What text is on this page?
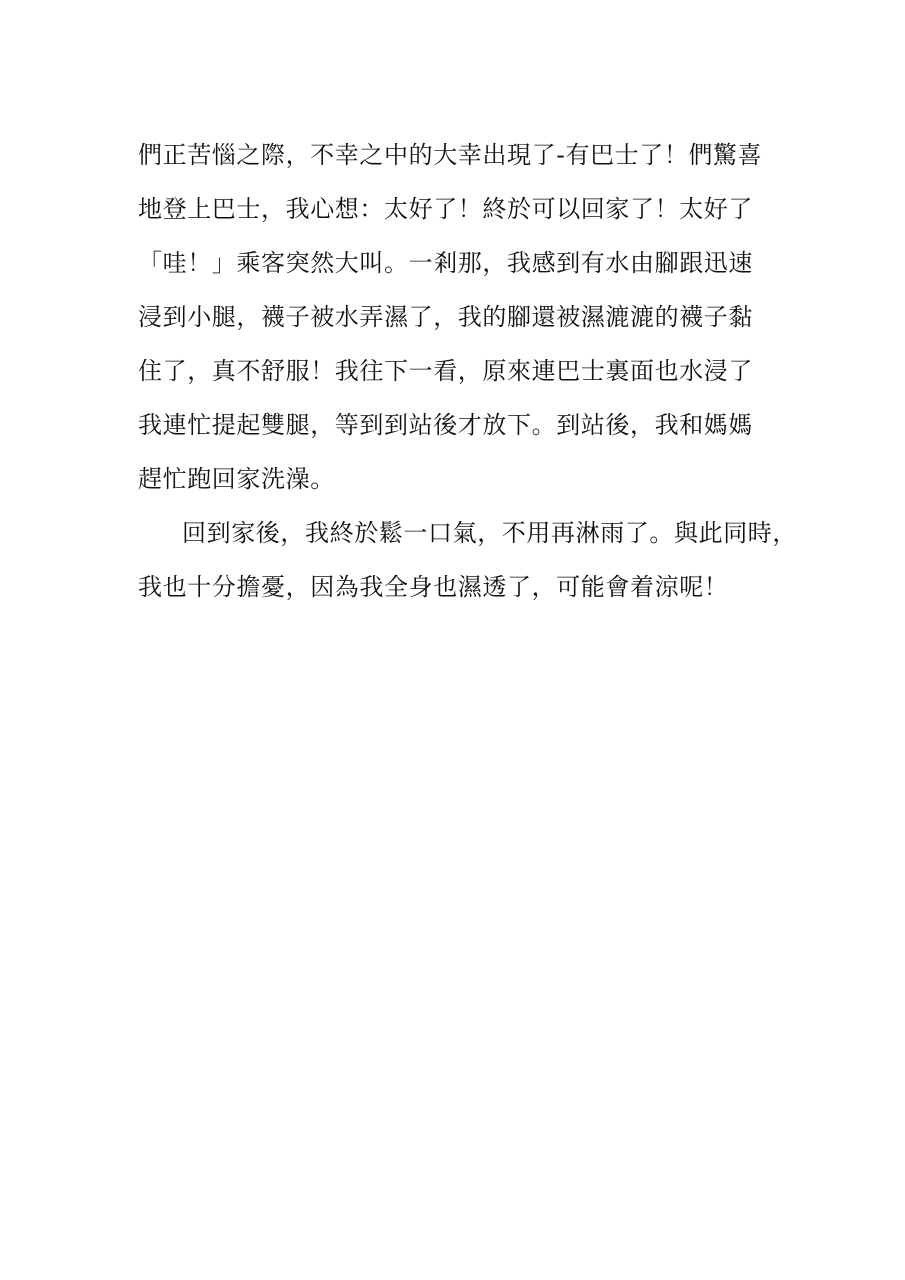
們正苦惱之際，不幸之中的大幸出現了-有巴士了！們驚喜
地登上巴士，我心想：太好了！終於可以回家了！太好了
「哇！」乘客突然大叫。一剎那，我感到有水由腳跟迅速
浸到小腿，襪子被水弄濕了，我的腳還被濕漉漉的襪子黏
住了，真不舒服！我往下一看，原來連巴士裏面也水浸了
我連忙提起雙腿，等到到站後才放下。到站後，我和媽媽
趕忙跑回家洗澡。
回到家後，我終於鬆一口氣，不用再淋雨了。與此同時，
我也十分擔憂，因為我全身也濕透了，可能會着涼呢！
